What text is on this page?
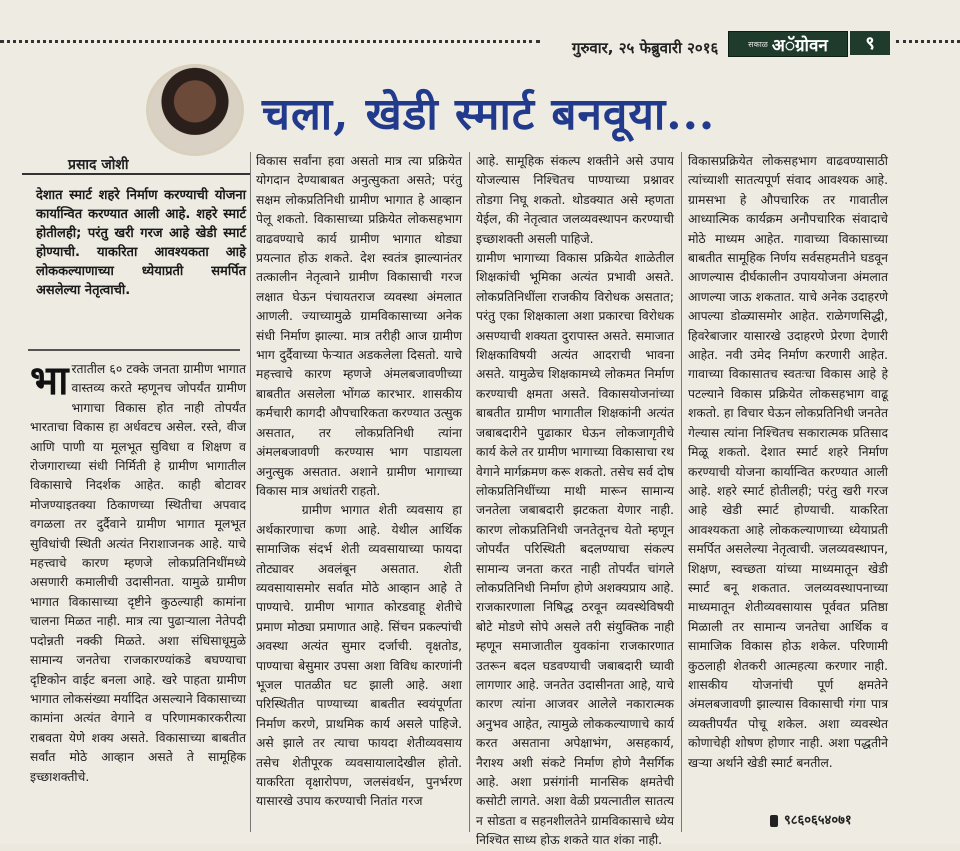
गुरुवार, २५ फेब्रुवारी २०१६	सकाळ अॅग्रोवन	९
चला, खेडी स्मार्ट बनवूया...
प्रसाद जोशी
देशात स्मार्ट शहरे निर्माण करण्याची योजना कार्यान्वित करण्यात आली आहे. शहरे स्मार्ट होतीलही; परंतु खरी गरज आहे खेडी स्मार्ट होण्याची. याकरिता आवश्यकता आहे लोककल्याणाच्या ध्येयाप्रती समर्पित असलेल्या नेतृत्वाची.
भारतातील ६० टक्के जनता ग्रामीण भागात वास्तव्य करते म्हणूनच जोपर्यंत ग्रामीण भागाचा विकास होत नाही तोपर्यंत भारताचा विकास हा अर्धवटच असेल. रस्ते, वीज आणि पाणी या मूलभूत सुविधा व शिक्षण व रोजगाराच्या संधी निर्मिती हे ग्रामीण भागातील विकासाचे निदर्शक आहेत. काही बोटावर मोजण्याइतक्या ठिकाणच्या स्थितीचा अपवाद वगळला तर दुर्दैवाने ग्रामीण भागात मूलभूत सुविधांची स्थिती अत्यंत निराशाजनक आहे. याचे महत्त्वाचे कारण म्हणजे लोकप्रतिनिधींमध्ये असणारी कमालीची उदासीनता. यामुळे ग्रामीण भागात विकासाच्या दृष्टीने कुठल्याही कामांना चालना मिळत नाही. मात्र त्या पुढाऱ्याला नेतेपदी पदोन्नती नक्की मिळते. अशा संधिसाधूमुळे सामान्य जनतेचा राजकारण्यांकडे बघण्याचा दृष्टिकोन वाईट बनला आहे. खरे पाहता ग्रामीण भागात लोकसंख्या मर्यादित असल्याने विकासाच्या कामांना अत्यंत वेगाने व परिणामकारकरीत्या राबवता येणे शक्य असते. विकासाच्या बाबतीत सर्वांत मोठे आव्हान असते ते सामूहिक इच्छाशक्तीचे.
विकास सर्वांना हवा असतो मात्र त्या प्रक्रियेत योगदान देण्याबाबत अनुत्सुकता असते; परंतु सक्षम लोकप्रतिनिधी ग्रामीण भागात हे आव्हान पेलू शकतो. विकासाच्या प्रक्रियेत लोकसहभाग वाढवण्याचे कार्य ग्रामीण भागात थोड्या प्रयत्नात होऊ शकते. देश स्वतंत्र झाल्यानंतर तत्कालीन नेतृत्वाने ग्रामीण विकासाची गरज लक्षात घेऊन पंचायतराज व्यवस्था अंमलात आणली. ज्याच्यामुळे ग्रामविकासाच्या अनेक संधी निर्माण झाल्या. मात्र तरीही आज ग्रामीण भाग दुर्दैवाच्या फेऱ्यात अडकलेला दिसतो. याचे महत्त्वाचे कारण म्हणजे अंमलबजावणीच्या बाबतीत असलेला भोंगळ कारभार. शासकीय कर्मचारी कागदी औपचारिकता करण्यात उत्सुक असतात, तर लोकप्रतिनिधी त्यांना अंमलबजावणी करण्यास भाग पाडायला अनुत्सुक असतात. अशाने ग्रामीण भागाच्या विकास मात्र अधांतरी राहतो.
ग्रामीण भागात शेती व्यवसाय हा अर्थकारणाचा कणा आहे. येथील आर्थिक सामाजिक संदर्भ शेती व्यवसायाच्या फायदा तोट्यावर अवलंबून असतात. शेती व्यवसायासमोर सर्वात मोठे आव्हान आहे ते पाण्याचे. ग्रामीण भागात कोरडवाहू शेतीचे प्रमाण मोठ्या प्रमाणात आहे. सिंचन प्रकल्पांची अवस्था अत्यंत सुमार दर्जाची. वृक्षतोड, पाण्याचा बेसुमार उपसा अशा विविध कारणांनी भूजल पातळीत घट झाली आहे. अशा परिस्थितीत पाण्याच्या बाबतीत स्वयंपूर्णता निर्माण करणे, प्राथमिक कार्य असले पाहिजे. असे झाले तर त्याचा फायदा शेतीव्यवसाय तसेच शेतीपूरक व्यवसायालादेखील होतो. याकरिता वृक्षारोपण, जलसंवर्धन, पुनर्भरण यासारखे उपाय करण्याची नितांत गरज
आहे. सामूहिक संकल्प शक्तीने असे उपाय योजल्यास निश्चितच पाण्याच्या प्रश्नावर तोडगा निघू शकतो. थोडक्यात असे म्हणता येईल, की नेतृत्वात जलव्यवस्थापन करण्याची इच्छाशक्ती असली पाहिजे.
ग्रामीण भागाच्या विकास प्रक्रियेत शाळेतील शिक्षकांची भूमिका अत्यंत प्रभावी असते. लोकप्रतिनिधींला राजकीय विरोधक असतात; परंतु एका शिक्षकाला अशा प्रकारचा विरोधक असण्याची शक्यता दुरापास्त असते. समाजात शिक्षकाविषयी अत्यंत आदराची भावना असते. यामुळेच शिक्षकामध्ये लोकमत निर्माण करण्याची क्षमता असते. विकासयोजनांच्या बाबतीत ग्रामीण भागातील शिक्षकांनी अत्यंत जबाबदारीने पुढाकार घेऊन लोकजागृतीचे कार्य केले तर ग्रामीण भागाच्या विकासाचा रथ वेगाने मार्गक्रमण करू शकतो. तसेच सर्व दोष लोकप्रतिनिधींच्या माथी मारून सामान्य जनतेला जबाबदारी झटकता येणार नाही. कारण लोकप्रतिनिधी जनतेतूनच येतो म्हणून जोपर्यंत परिस्थिती बदलण्याचा संकल्प सामान्य जनता करत नाही तोपर्यंत चांगले लोकप्रतिनिधी निर्माण होणे अशक्यप्राय आहे. राजकारणाला निषिद्ध ठरवून व्यवस्थेविषयी बोटे मोडणे सोपे असले तरी संयुक्तिक नाही म्हणून समाजातील युवकांना राजकारणात उतरून बदल घडवण्याची जबाबदारी घ्यावी लागणार आहे. जनतेत उदासीनता आहे, याचे कारण त्यांना आजवर आलेले नकारात्मक अनुभव आहेत, त्यामुळे लोककल्याणाचे कार्य करत असताना अपेक्षाभंग, असहकार्य, नैराश्य अशी संकटे निर्माण होणे नैसर्गिक आहे. अशा प्रसंगांनी मानसिक क्षमतेची कसोटी लागते. अशा वेळी प्रयत्नातील सातत्य न सोडता व सहनशीलतेने ग्रामविकासाचे ध्येय निश्चित साध्य होऊ शकते यात शंका नाही.
विकासप्रक्रियेत लोकसहभाग वाढवण्यासाठी त्यांच्याशी सातत्यपूर्ण संवाद आवश्यक आहे. ग्रामसभा हे औपचारिक तर गावातील आध्यात्मिक कार्यक्रम अनौपचारिक संवादाचे मोठे माध्यम आहेत. गावाच्या विकासाच्या बाबतीत सामूहिक निर्णय सर्वसहमतीने घडवून आणल्यास दीर्घकालीन उपाययोजना अंमलात आणल्या जाऊ शकतात. याचे अनेक उदाहरणे आपल्या डोळ्यासमोर आहेत. राळेगणसिद्धी, हिवरेबाजार यासारखे उदाहरणे प्रेरणा देणारी आहेत. नवी उमेद निर्माण करणारी आहेत. गावाच्या विकासातच स्वतःचा विकास आहे हे पटल्याने विकास प्रक्रियेत लोकसहभाग वाढू शकतो. हा विचार घेऊन लोकप्रतिनिधी जनतेत गेल्यास त्यांना निश्चितच सकारात्मक प्रतिसाद मिळू शकतो. देशात स्मार्ट शहरे निर्माण करण्याची योजना कार्यान्वित करण्यात आली आहे. शहरे स्मार्ट होतीलही; परंतु खरी गरज आहे खेडी स्मार्ट होण्याची. याकरिता आवश्यकता आहे लोककल्याणाच्या ध्येयाप्रती समर्पित असलेल्या नेतृत्वाची. जलव्यवस्थापन, शिक्षण, स्वच्छता यांच्या माध्यमातून खेडी स्मार्ट बनू शकतात. जलव्यवस्थापनाच्या माध्यमातून शेतीव्यवसायास पूर्ववत प्रतिष्ठा मिळाली तर सामान्य जनतेचा आर्थिक व सामाजिक विकास होऊ शकेल. परिणामी कुठलाही शेतकरी आत्महत्या करणार नाही. शासकीय योजनांची पूर्ण क्षमतेने अंमलबजावणी झाल्यास विकासाची गंगा पात्र व्यक्तीपर्यंत पोचू शकेल. अशा व्यवस्थेत कोणाचेही शोषण होणार नाही. अशा पद्धतीने खऱ्या अर्थाने खेडी स्मार्ट बनतील.
९८६०६५४०७१
